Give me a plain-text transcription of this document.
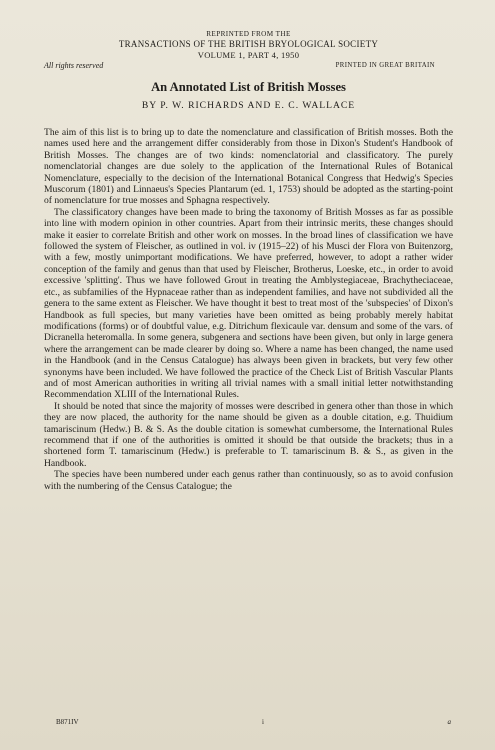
REPRINTED FROM THE
TRANSACTIONS OF THE BRITISH BRYOLOGICAL SOCIETY
VOLUME 1, PART 4, 1950
All rights reserved	PRINTED IN GREAT BRITAIN
An Annotated List of British Mosses
BY P. W. RICHARDS AND E. C. WALLACE

The aim of this list is to bring up to date the nomenclature and classification of British mosses. Both the names used here and the arrangement differ considerably from those in Dixon's Student's Handbook of British Mosses. The changes are of two kinds: nomenclatorial and classificatory. The purely nomenclatorial changes are due solely to the application of the International Rules of Botanical Nomenclature, especially to the decision of the International Botanical Congress that Hedwig's Species Muscorum (1801) and Linnaeus's Species Plantarum (ed. 1, 1753) should be adopted as the starting-point of nomenclature for true mosses and Sphagna respectively.

The classificatory changes have been made to bring the taxonomy of British Mosses as far as possible into line with modern opinion in other countries. Apart from their intrinsic merits, these changes should make it easier to correlate British and other work on mosses. In the broad lines of classification we have followed the system of Fleischer, as outlined in vol. iv (1915–22) of his Musci der Flora von Buitenzorg, with a few, mostly unimportant modifications. We have preferred, however, to adopt a rather wider conception of the family and genus than that used by Fleischer, Brotherus, Loeske, etc., in order to avoid excessive 'splitting'. Thus we have followed Grout in treating the Amblystegiaceae, Brachytheciaceae, etc., as subfamilies of the Hypnaceae rather than as independent families, and have not subdivided all the genera to the same extent as Fleischer. We have thought it best to treat most of the 'subspecies' of Dixon's Handbook as full species, but many varieties have been omitted as being probably merely habitat modifications (forms) or of doubtful value, e.g. Ditrichum flexicaule var. densum and some of the vars. of Dicranella heteromalla. In some genera, subgenera and sections have been given, but only in large genera where the arrangement can be made clearer by doing so. Where a name has been changed, the name used in the Handbook (and in the Census Catalogue) has always been given in brackets, but very few other synonyms have been included. We have followed the practice of the Check List of British Vascular Plants and of most American authorities in writing all trivial names with a small initial letter notwithstanding Recommendation XLIII of the International Rules.

It should be noted that since the majority of mosses were described in genera other than those in which they are now placed, the authority for the name should be given as a double citation, e.g. Thuidium tamariscinum (Hedw.) B. & S. As the double citation is somewhat cumbersome, the International Rules recommend that if one of the authorities is omitted it should be that outside the brackets; thus in a shortened form T. tamariscinum (Hedw.) is preferable to T. tamariscinum B. & S., as given in the Handbook.

The species have been numbered under each genus rather than continuously, so as to avoid confusion with the numbering of the Census Catalogue; the

B871IV	i	a
